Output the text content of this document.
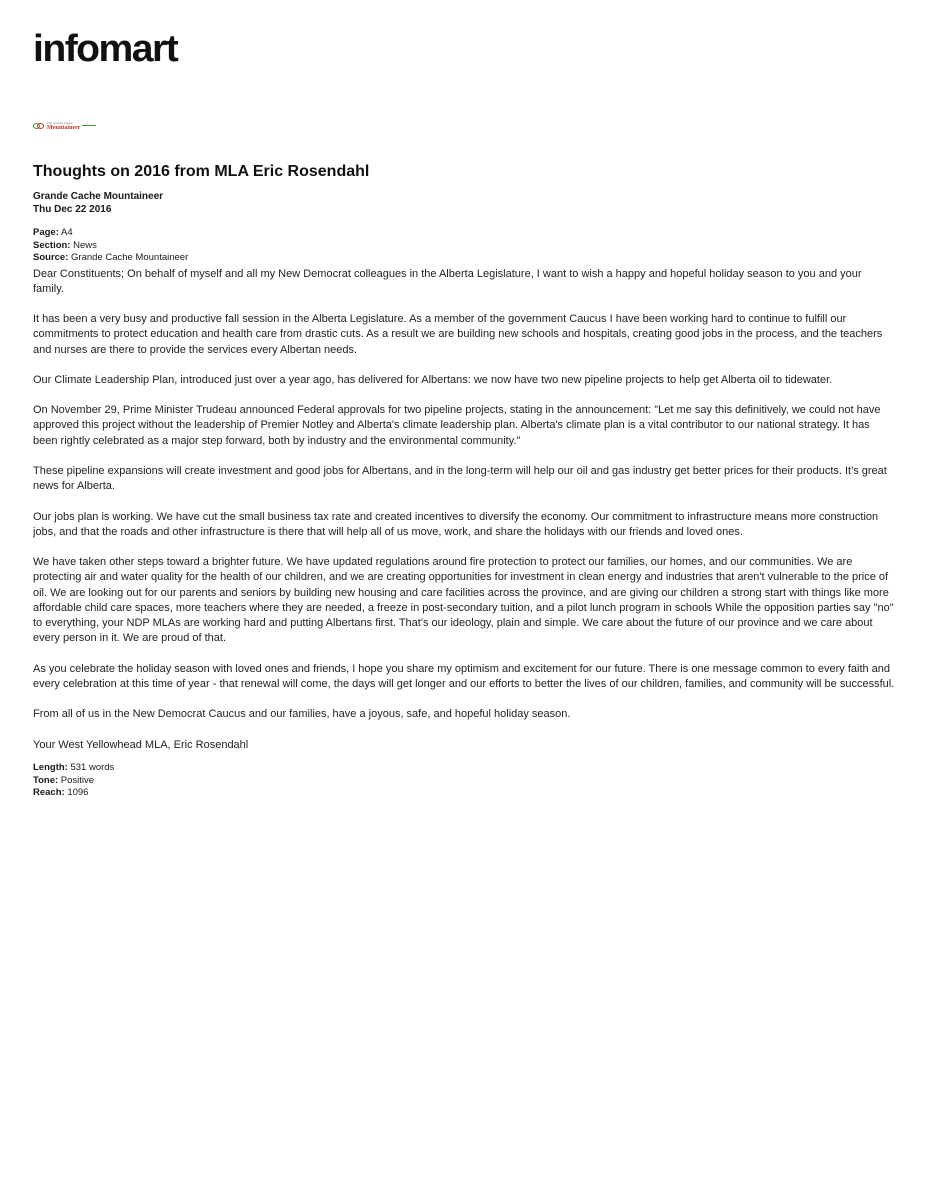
infomart
The Grande Cache
Mountaineer
Thoughts on 2016 from MLA Eric Rosendahl
Grande Cache Mountaineer
Thu Dec 22 2016
Page: A4
Section: News
Source: Grande Cache Mountaineer

Dear Constituents; On behalf of myself and all my New Democrat colleagues in the Alberta Legislature, I want to wish a happy and hopeful holiday season to you and your family.

It has been a very busy and productive fall session in the Alberta Legislature. As a member of the government Caucus I have been working hard to continue to fulfill our commitments to protect education and health care from drastic cuts. As a result we are building new schools and hospitals, creating good jobs in the process, and the teachers and nurses are there to provide the services every Albertan needs.

Our Climate Leadership Plan, introduced just over a year ago, has delivered for Albertans: we now have two new pipeline projects to help get Alberta oil to tidewater.

On November 29, Prime Minister Trudeau announced Federal approvals for two pipeline projects, stating in the announcement: "Let me say this definitively, we could not have approved this project without the leadership of Premier Notley and Alberta's climate leadership plan. Alberta's climate plan is a vital contributor to our national strategy. It has been rightly celebrated as a major step forward, both by industry and the environmental community."

These pipeline expansions will create investment and good jobs for Albertans, and in the long-term will help our oil and gas industry get better prices for their products. It's great news for Alberta.

Our jobs plan is working. We have cut the small business tax rate and created incentives to diversify the economy. Our commitment to infrastructure means more construction jobs, and that the roads and other infrastructure is there that will help all of us move, work, and share the holidays with our friends and loved ones.

We have taken other steps toward a brighter future. We have updated regulations around fire protection to protect our families, our homes, and our communities. We are protecting air and water quality for the health of our children, and we are creating opportunities for investment in clean energy and industries that aren't vulnerable to the price of oil. We are looking out for our parents and seniors by building new housing and care facilities across the province, and are giving our children a strong start with things like more affordable child care spaces, more teachers where they are needed, a freeze in post-secondary tuition, and a pilot lunch program in schools While the opposition parties say "no" to everything, your NDP MLAs are working hard and putting Albertans first. That's our ideology, plain and simple. We care about the future of our province and we care about every person in it. We are proud of that.

As you celebrate the holiday season with loved ones and friends, I hope you share my optimism and excitement for our future. There is one message common to every faith and every celebration at this time of year - that renewal will come, the days will get longer and our efforts to better the lives of our children, families, and community will be successful.

From all of us in the New Democrat Caucus and our families, have a joyous, safe, and hopeful holiday season.

Your West Yellowhead MLA, Eric Rosendahl

Length: 531 words
Tone: Positive
Reach: 1096
